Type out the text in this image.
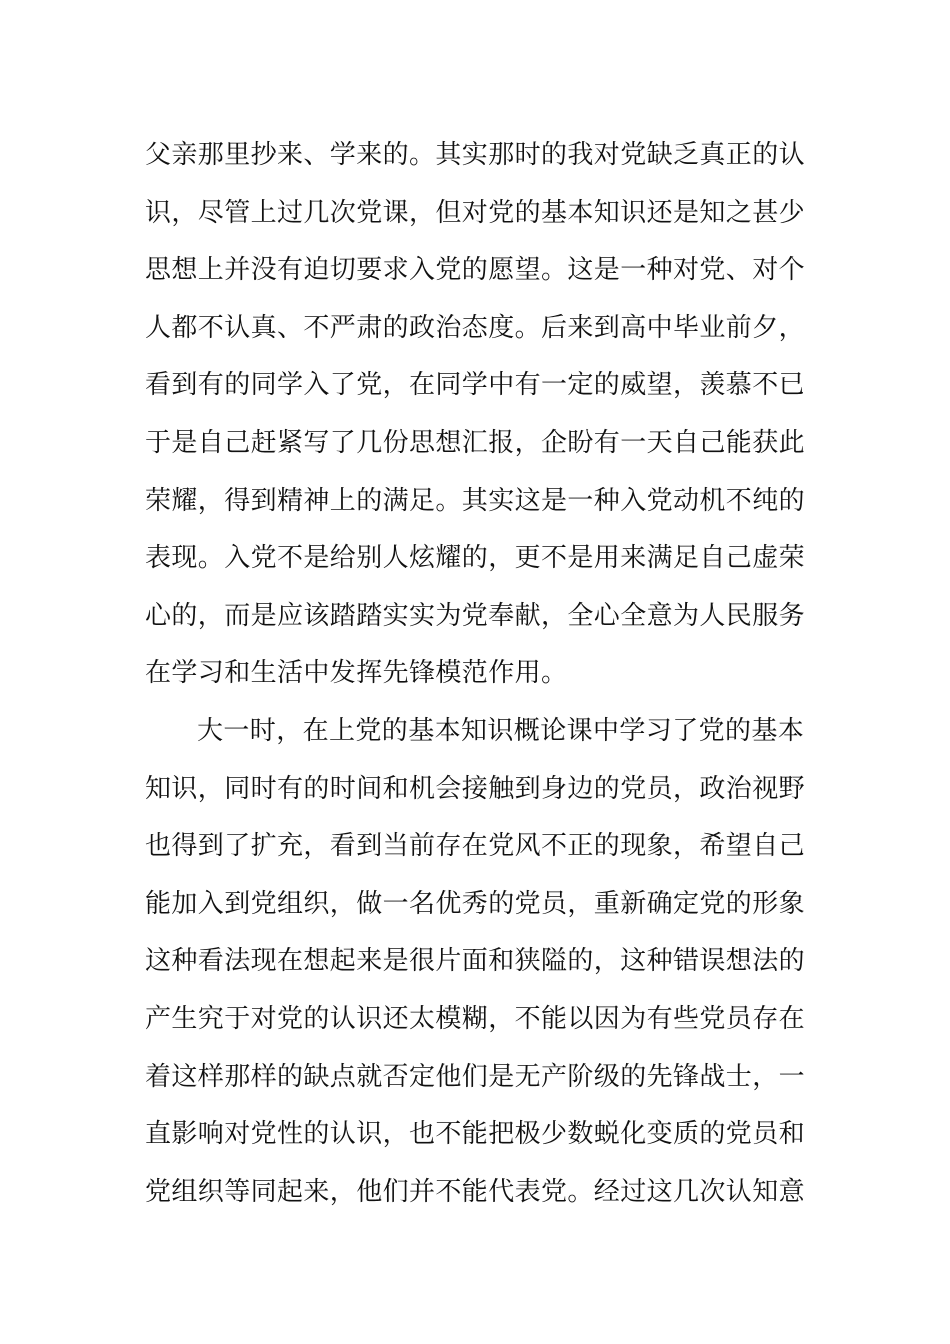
父亲那里抄来、学来的。其实那时的我对党缺乏真正的认
识，尽管上过几次党课，但对党的基本知识还是知之甚少
思想上并没有迫切要求入党的愿望。这是一种对党、对个
人都不认真、不严肃的政治态度。后来到高中毕业前夕，
看到有的同学入了党，在同学中有一定的威望，羡慕不已
于是自己赶紧写了几份思想汇报，企盼有一天自己能获此
荣耀，得到精神上的满足。其实这是一种入党动机不纯的
表现。入党不是给别人炫耀的，更不是用来满足自己虚荣
心的，而是应该踏踏实实为党奉献，全心全意为人民服务
在学习和生活中发挥先锋模范作用。
大一时，在上党的基本知识概论课中学习了党的基本
知识，同时有的时间和机会接触到身边的党员，政治视野
也得到了扩充，看到当前存在党风不正的现象，希望自己
能加入到党组织，做一名优秀的党员，重新确定党的形象
这种看法现在想起来是很片面和狭隘的，这种错误想法的
产生究于对党的认识还太模糊，不能以因为有些党员存在
着这样那样的缺点就否定他们是无产阶级的先锋战士，一
直影响对党性的认识，也不能把极少数蜕化变质的党员和
党组织等同起来，他们并不能代表党。经过这几次认知意
